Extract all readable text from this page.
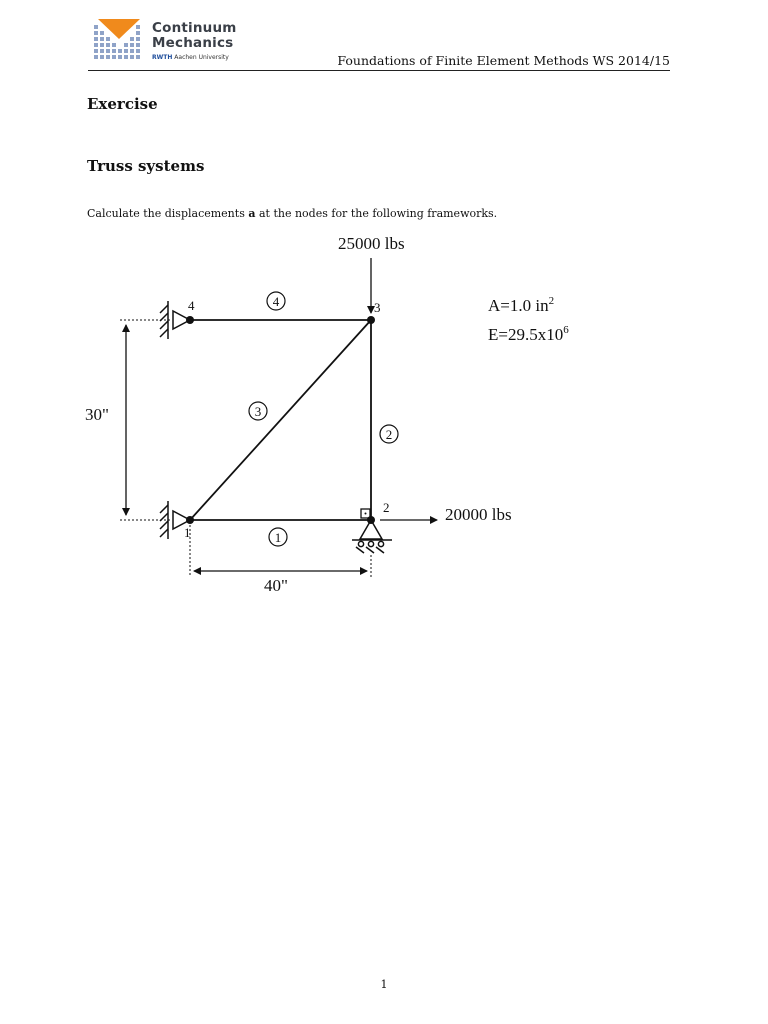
Continuum
Mechanics
RWTH Aachen University	Foundations of Finite Element Methods WS 2014/15
Exercise
Truss systems
Calculate the displacements a at the nodes for the following frameworks.
25000 lbs
20000 lbs
A=1.0 $in^2$
$E=29.5x10^6$
30"
40"
1
2
3
4
1
2
3
4
1
